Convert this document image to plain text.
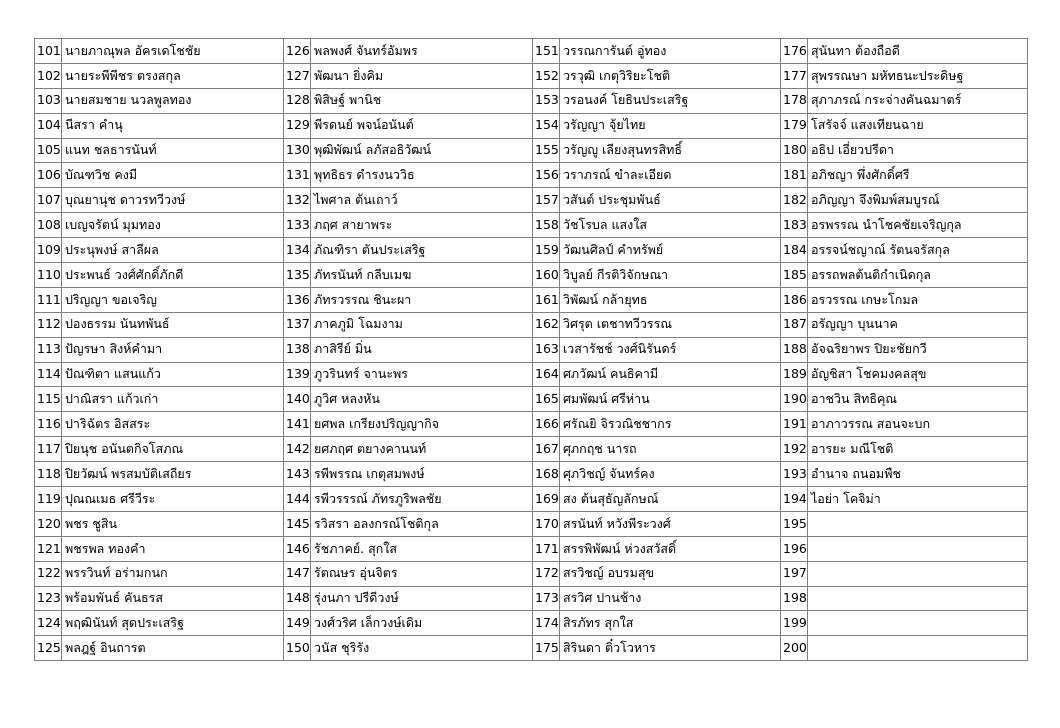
101	นายภาณุพล อัครเดโชชัย	126	พลพงศ์ จันทร์อัมพร	151	วรรณการันต์ อู่ทอง	176	สุนันทา ต้องถือดี
102	นายระพีพีชร ตรงสกุล	127	พัฒนา ยิ่งคิม	152	วรวุฒิ เกตุวิริยะโชติ	177	สุพรรณษา มหัทธนะประดิษฐ
103	นายสมชาย นวลพูลทอง	128	พิสิษฐ์ พานิช	153	วรอนงค์ โยธินประเสริฐ	178	สุภาภรณ์ กระจ่างคันฉมาตร์
104	นีสรา คำนุ	129	พีรดนย์ พจน์อนันต์	154	วรัญญา จุ้ยไทย	179	โสรัจจ์ แสงเทียนฉาย
105	แนท ชลธารนันท์	130	พุฒิพัฒน์ ลภัสอธิวัฒน์	155	วรัญญู เลียงสุนทรสิทธิ์	180	อธิป เอี่ยวปรีดา
106	บัณฑวิช คงมี	131	พุทธิธร ดำรงนววิธ	156	วราภรณ์ ขำละเอียด	181	อภิชญา พึ่งศักดิ์ศรี
107	บุณยานุช ดาวรทวีวงษ์	132	ไพศาล ต้นเถาว์	157	วสันต์ ประชุมพันธ์	182	อภิญญา จึงพิมพ์สมบูรณ์
108	เบญจรัตน์ มุมทอง	133	ภฤศ สายาพระ	158	วัชโรบล แสงใส	183	อรพรรณ นำโชคชัยเจริญกุล
109	ประนุพงษ์ สาลีผล	134	ภัณฑิรา ตันประเสริฐ	159	วัฒนศิลป์ คำทรัพย์	184	อรรจน์ชญาณ์ รัตนจรัสกุล
110	ประพนธ์ วงศ์ศักดิ์ภักดี	135	ภัทรนันท์ กลีบเมฆ	160	วิบูลย์ กีรติวิจักษณา	185	อรรถพลต้นติกำเนิดกุล
111	ปริญญา ขอเจริญ	136	ภัทรวรรณ ชินะผา	161	วิพัฒน์ กล้ายุทธ	186	อรวรรณ เกษะโกมล
112	ปองธรรม นันทพันธ์	137	ภาคภูมิ โฉมงาม	162	วิศรุต เตชาทวีวรรณ	187	อรัญญา บุนนาค
113	ปัญรษา สิงห์คำมา	138	ภาสิรีย์ มิ่น	163	เวสารัชช์ วงศ์นิรันดร์	188	อัจฉริยาพร ปิยะชัยกวี
114	ปัณฑิตา แสนแก้ว	139	ภูวรินทร์ จานะพร	164	ศภวัฒน์ คนธิคามี	189	อัญชิสา โชคมงคลสุข
115	ปาณิสรา แก้วเก่า	140	ภูวิศ หลงหัน	165	ศมพัฒน์ ศรีห่าน	190	อาชวิน สิทธิคุณ
116	ปาริฉัตร อิสสระ	141	ยศพล เกรียงปริญญากิจ	166	ศรัณยิ จิรวณิชชากร	191	อาภาวรรณ สอนจะบก
117	ปิยนุช อนันตกิจโสภณ	142	ยศภฤศ ตยางคานนท์	167	ศุภกฤช นารถ	192	อารยะ มณีโชติ
118	ปิยวัฒน์ พรสมบัติเสถียร	143	รพีพรรณ เกตุสมพงษ์	168	ศุภวิชญ์ จันทร์คง	193	อำนาจ ถนอมพืช
119	ปุณณเมธ ศรีวีระ	144	รพีวรรรณ์ ภัทรภูริพลชัย	169	สง ต้นสุธัญลักษณ์	194	ไอย่า โคจิม่า
120	พชร ชูสิน	145	รวิสรา อลงกรณ์โชติกุล	170	สรนันท์ หวังพีระวงศ์	195	
121	พชรพล ทองคำ	146	รัชภาคย์. สุกใส	171	สรรพิพัฒน์ ห่วงสวัสดิ์	196	
122	พรรวินท์ อร่ามกนก	147	รัตณษร อุ่นจิตร	172	สรวิชญ์ อบรมสุข	197	
123	พร้อมพันธ์ คันธรส	148	รุ่งนภา ปรีดีวงษ์	173	สรวิศ ปานช้าง	198	
124	พฤฒินันท์ สุดประเสริฐ	149	วงศ์วริศ เล็กวงษ์เดิม	174	สิรภัทร สุกใส	199	
125	พลฎฐ์ อินถารต	150	วนัส ชุริรัง	175	สิรินดา ติ๋วโวหาร	200	
